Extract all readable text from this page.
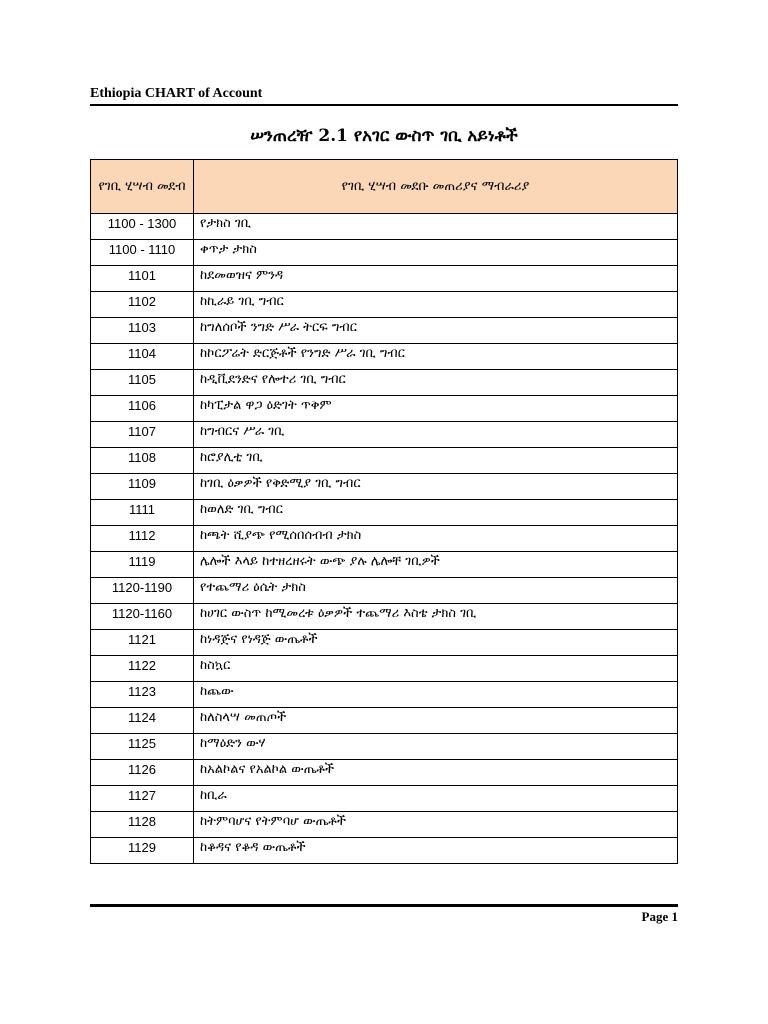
Ethiopia CHART of Account
ሠንጠረዥ 2.1 የአገር ውስጥ ገቢ አይነቶች
የገቢ ሂሣብ መደብ	የገቢ ሂሣብ መደቡ መጠሪያና ማብራሪያ
1100 - 1300	የታክስ ገቢ
1100 - 1110	ቀጥታ ታክስ
1101	ከደመወዝና ምንዳ
1102	ከኪራይ ገቢ ግብር
1103	ከግለሰቦች ንግድ ሥራ ትርፍ ግብር
1104	ከኮርፖሬት ድርጅቶች የንግድ ሥራ ገቢ ግብር
1105	ከዲቪደንድና የሎተሪ ገቢ ግብር
1106	ከካፒታል ዋጋ ዕድገት ጥቅም
1107	ከግብርና ሥራ ገቢ
1108	ከሮያሊቲ ገቢ
1109	ከገቢ ዕቃዎች የቅድሚያ ገቢ ግብር
1111	ከወለድ ገቢ ግብር
1112	ከጫት ሺያጭ የሚሰበሰብብ ታክስ
1119	ሌሎች እላይ ከተዘረዘሩት ውጭ ያሉ ሌሎቸ ገቢዎች
1120-1190	የተጨማሪ ዕሴት ታክስ
1120-1160	ከሀገር ውስጥ ከሚመረቱ ዕቃዎች ተጨማሪ እስቴ ታክስ ገቢ
1121	ከነዳጅና የነዳጅ ውጤቶች
1122	ከስኳር
1123	ከጨው
1124	ከለስላሣ መጠጦች
1125	ከማዕድን ውሃ
1126	ከአልኮልና የአልኮል ውጤቶች
1127	ከቢራ
1128	ከትምባሆና የትምባሆ ውጤቶች
1129	ከቆዳና የቆዳ ውጤቶች
Page 1
